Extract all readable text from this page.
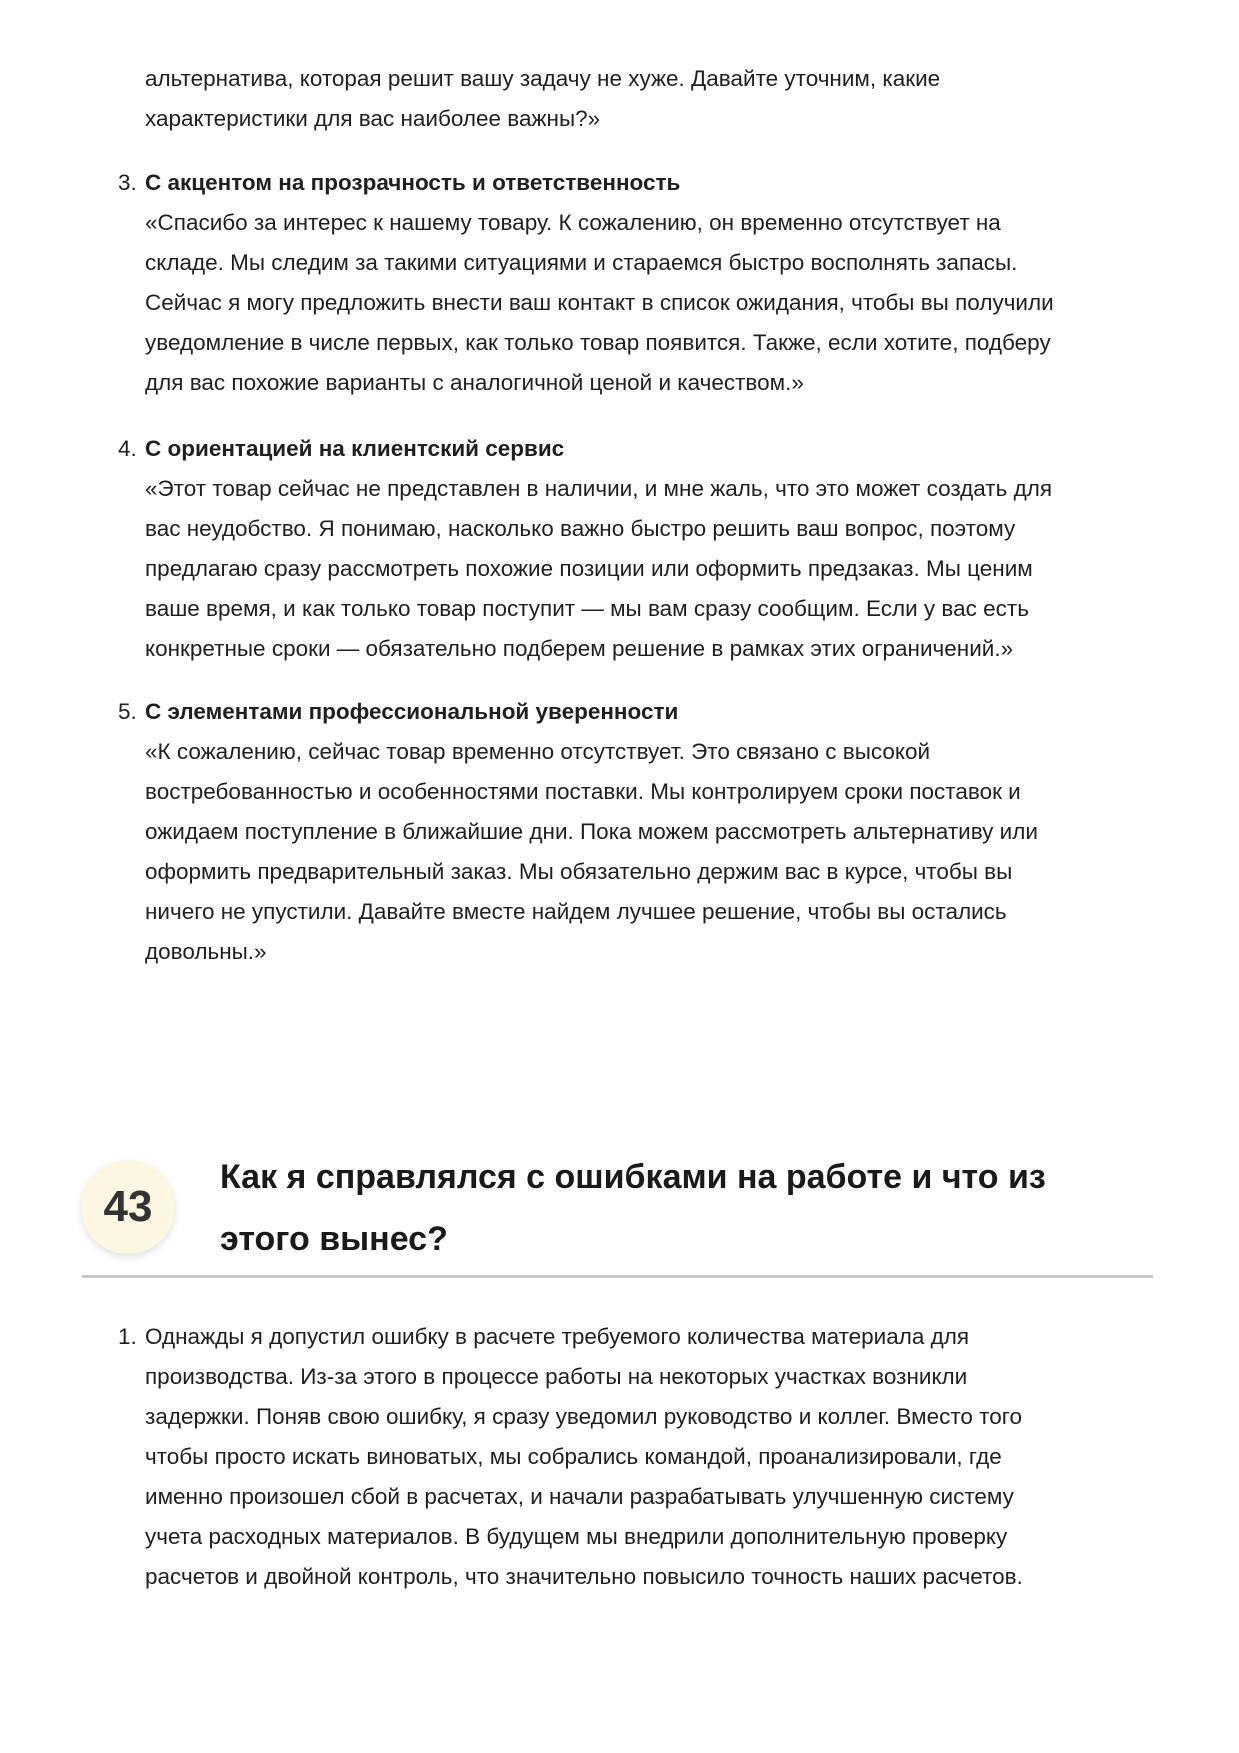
альтернатива, которая решит вашу задачу не хуже. Давайте уточним, какие
характеристики для вас наиболее важны?»
3. С акцентом на прозрачность и ответственность
«Спасибо за интерес к нашему товару. К сожалению, он временно отсутствует на
складе. Мы следим за такими ситуациями и стараемся быстро восполнять запасы.
Сейчас я могу предложить внести ваш контакт в список ожидания, чтобы вы получили
уведомление в числе первых, как только товар появится. Также, если хотите, подберу
для вас похожие варианты с аналогичной ценой и качеством.»
4. С ориентацией на клиентский сервис
«Этот товар сейчас не представлен в наличии, и мне жаль, что это может создать для
вас неудобство. Я понимаю, насколько важно быстро решить ваш вопрос, поэтому
предлагаю сразу рассмотреть похожие позиции или оформить предзаказ. Мы ценим
ваше время, и как только товар поступит — мы вам сразу сообщим. Если у вас есть
конкретные сроки — обязательно подберем решение в рамках этих ограничений.»
5. С элементами профессиональной уверенности
«К сожалению, сейчас товар временно отсутствует. Это связано с высокой
востребованностью и особенностями поставки. Мы контролируем сроки поставок и
ожидаем поступление в ближайшие дни. Пока можем рассмотреть альтернативу или
оформить предварительный заказ. Мы обязательно держим вас в курсе, чтобы вы
ничего не упустили. Давайте вместе найдем лучшее решение, чтобы вы остались
довольны.»
43
Как я справлялся с ошибками на работе и что из
этого вынес?
1. Однажды я допустил ошибку в расчете требуемого количества материала для
производства. Из-за этого в процессе работы на некоторых участках возникли
задержки. Поняв свою ошибку, я сразу уведомил руководство и коллег. Вместо того
чтобы просто искать виноватых, мы собрались командой, проанализировали, где
именно произошел сбой в расчетах, и начали разрабатывать улучшенную систему
учета расходных материалов. В будущем мы внедрили дополнительную проверку
расчетов и двойной контроль, что значительно повысило точность наших расчетов.
